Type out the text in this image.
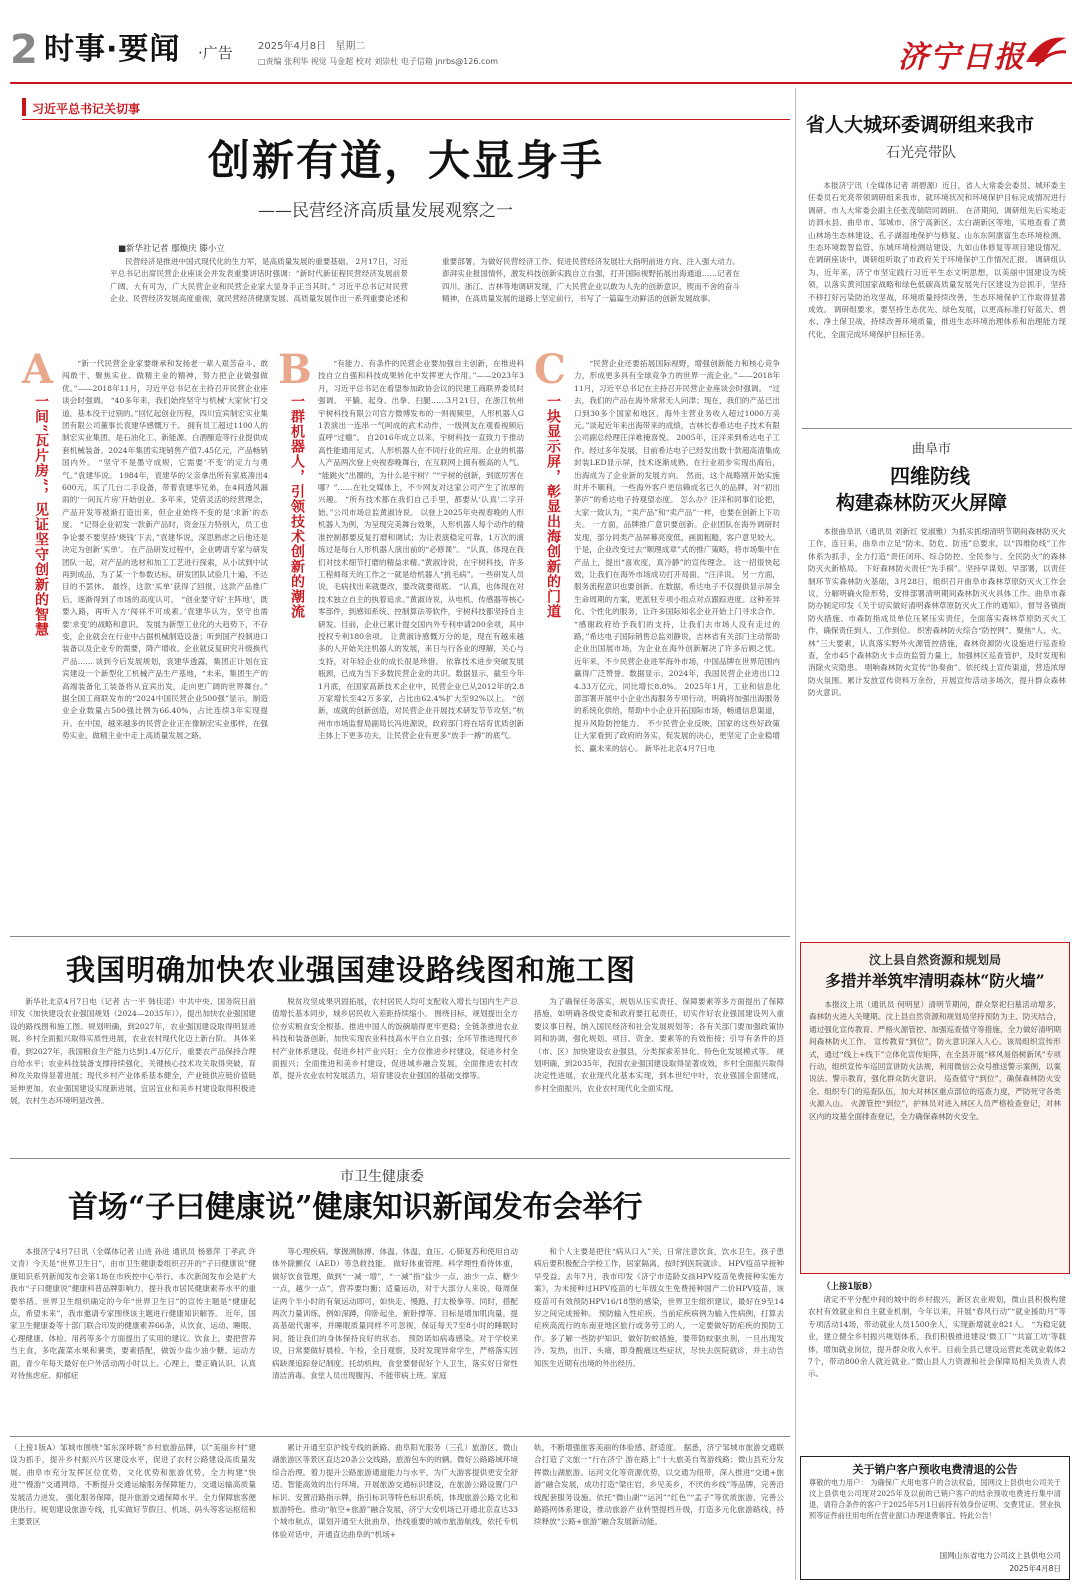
2 时事·要闻 ·广告	2025年4月8日 星期二
□责编 张利华 视觉 马金超 校对 刘崇杜 电子信箱 jnrbs@126.com	济宁日报
习近平总书记关切事
创新有道，大显身手
——民营经济高质量发展观察之一
■新华社记者 鄢焕庆 滕小立

民营经济是推进中国式现代化的生力军，是高质量发展的重要基础。 2月17日，习近平总书记出席民营企业座谈会并发表重要讲话时强调：“新时代新征程民营经济发展前景广阔、大有可为，广大民营企业和民营企业家大显身手正当其时。” 习近平总书记对民营企业、民营经济发展高度重视，就民营经济健康发展、高质量发展作出一系列重要论述和重要部署，为做好民营经济工作、促进民营经济发展壮大指明前进方向、注入强大动力。 澎湃实业报国情怀，激发科技创新实践自立自强，打开国际视野拓展出海通道……记者在四川、浙江、吉林等地调研发现，广大民营企业以敢为人先的创新意识，锲而不舍的奋斗精神，在高质量发展的道路上坚定前行，书写了一篇篇生动鲜活的创新发展故事。

A
一间“瓦片房”，见证坚守创新的智慧

“新一代民营企业家要继承和发扬老一辈人艰苦奋斗、敢闯敢干、聚焦实业、做精主业的精神，努力把企业做强做优。”——2018年11月，习近平总书记在主持召开民营企业座谈会时强调。 “40多年来，我们始终坚守与机械‘大家伙’打交道，基本没干过别的。”回忆起创业历程，四川宜宾制宏实业集团有限公司董事长袁建华感慨万千。 拥有员工超过1100人的制宏实业集团，是石油化工、新能源、白酒酿造等行业提供成套机械装备。2024年集团实现销售产值7.45亿元，产品畅销国内外。 “坚守不是墨守成规，它需要‘不变’的定力与勇气。”袁建华说。 1984年，袁建华的父亲拿出所有家底凑出4600元，买了几台二手设备，带着袁建华兄弟，在4间透风漏雨的‘一间瓦片房’开始创业。多年来，凭借灵活的经营理念，产品开发等被渐打造出来，但企业始终不变的是‘求新’的态度。 “记得企业初发一款新产品时，资金压力特别大，员工也争论要不要坚持‘烧钱’下去，”袁建华说，深思熟虑之后他还是决定为创新‘买单’。 在产品研发过程中，企业聘请专家与研发团队一起，对产品的选材和加工工艺进行探索，从小试到中试再到成品，为了某一个参数达标，研发团队试验几十遍，不达目的不罢休。 最终，这款‘买单’获得了回报，这款产品推广后，逐渐得到了市场的高度认可。 “创业要守好‘主阵地’，既要入路，再听入方‘闯祥不可成素。’袁建华认为，坚守也需要‘求变’的战略和意识。 发展为新型工业化的大趋势下，不存变，企业就会在行业中占据机械制造设备；听到国产投制进口装备以及企业专的需要，降产增收、企业就反复研究升级换代产品…… 谈到今后发展规划，袁建华透露，集团正计划在宜宾建设一个新型化工机械产品生产基地，“未来，集团生产的高端装备化工装备将从宜宾出发，走向更广阔的世界舞台。” 据全国工商联发布的“2024中国民营企业500强”显示，制造业企业数量占500强比例为66.40%，占比连续3年实现提升。在中国，越来越多的民营企业正在像制宏实业那样，在强势实业、做精主业中走上高质量发展之路。

B
一群机器人，引领技术创新的潮流

“有能力、有条件的民营企业要加强自主创新，在推进科技自立自强和科技成果转化中发挥更大作用。”——2023年3月，习近平总书记在看望参加政协会议的民建工商联界委员时强调。 平躺、起身、出拳、扫腿……3月21日，在浙江杭州宇树科技有限公司官方微博发布的一则视频里，人形机器人G1表演出一连串一气呵成的武术动作，一级网友在观看视频后直呼“过瘾”。 自2016年成立以来，宇树科技一直致力于推动高性能通用足式、人形机器人在不同行业的应用。企业的机器人产品两次登上央视春晚舞台，在互联网上拥有极高的人气。 “能跳火”出圈的，为什么是宇树？”“宇树的创新，到底厉害在哪？”……在社交媒体上，不少网友对这家公司产生了浓厚的兴趣。 “所有技术都在我们自己手里，都要从‘认真’二字开始。”公司市场总监黄淑诗说。 以登上2025年央视春晚的人形机器人为例，为呈现完美舞台效果，人形机器人每个动作的精准控制都要反复打磨和调试；为让表演稳定可靠，1万次的演练过是每台人形机器人演出前的“必修课”。 “认真，体现在我们对技术细节打磨的精益求精。”黄淑诗说，在宇树科技，许多工程师每天的工作之一就是给机器人“挑毛病”。一些研发人员说，毛病找出来就要改，要改就要彻底。 “认真，也体现在对技术独立自主的执着追求。”黄淑诗说，从电机、传感器等核心零部件，到感知系统、控制算法等软件，宇树科技都坚持自主研发。目前，企业已累计提交国内外专利申请200余项，其中授权专利180余项。 让黄淑诗感慨万分的是，现在有越来越多的人开始关注机器人的发展，来日与行各业的理解，关心与支持，对年轻企业的成长很是珍惜。 依靠技术进步突破发展瓶颈，已成为当下多数民营企业的共识。数据显示，截至今年1月底，在国家高新技术企业中，民营企业已从2012年的2.8万家增长至42万多家，占比由62.4%扩大至92%以上。 “创新，成就的创新创造，对民营企业开展技术研发节节攻坚。”杭州市市场监督局副局长冯进源说，政府部门将在培育优质创新主体上下更多功夫，让民营企业有更多“放手一搏”的底气。

C
一块显示屏，彰显出海创新的门道

“民营企业还要拓展国际视野，增强创新能力和核心竞争力，形成更多具有全球竞争力的世界一流企业。”——2018年11月，习近平总书记在主持召开民营企业座谈会时强调。 “过去，我们的产品在海外常常无人问津；现在，我们的产品已出口到30多个国家和地区，海外主营业务收入超过1000万美元。”谈起近年来出海带来的成绩，吉林长春希达电子技术有限公司副总经理汪洋难掩喜悦。 2005年，汪洋来到希达电子工作。经过多年发展，目前希达电子已经发出数十款超高清集成封装LED显示屏，技术逐渐成熟。在行业初步实现出海后，出海成为了企业新的发展方向。 然而，这个战略刚开始实施时并不顺利。一些海外客户更信赖成名已久的品牌，对“初出茅庐”的希达电子持观望态度。 怎么办？汪洋和同事们论把，大家一致认为，“卖产品”和“卖产品”一样，也要在创新上下功夫。 一方面，品牌推广意识要创新。企业团队在海外调研时发现，部分同类产品屏幕亮度低、画面粗糙，客户意见较大。于是，企业改变过去“顺理成章”式的推广策略，将市场集中在产品上，提出“喜欢度，真冷静”的宣传理念。 这一招很快起效，让我们在海外市场成功打开局面。“汪洋说。 另一方面，服务流程意识也要创新。在数据，希达电子不仅提供显示屏全生命周期的方案，更派驻专项小组点对点跟踪进度。这种差异化、个性化的服务，让许多国际知名企业开始上门寻求合作。 “感谢政府给予我们的支持，让我们去市场人没有走过的路，”希达电子国际销售总监刘静说，吉林省有关部门主动帮助企业出国展市场，为企业在海外创新解决了许多后顾之忧。 近年来，不少民营企业进军海外市场，中国品牌在世界范围内赢得广泛赞誉。数据显示，2024年，我国民营企业进出口24.33万亿元，同比增长8.8%。 2025年1月，工业和信息化部部署开展中小企业出海服务专项行动，明确将加强出海服务的系统化供给，帮助中小企业开拓国际市场，畅通信息渠道，提升风险防控能力。 不少民营企业反映，国家的这些好政策让大家看到了政府的务实，促发展的决心，更坚定了企业稳增长、赢未来的信心。 新华社北京4月7日电

我国明确加快农业强国建设路线图和施工图

新华社北京4月7日电（记者 古一平 韩佳诺）中共中央、国务院日前印发《加快建设农业强国规划（2024—2035年）》，提出加快农业强国建设的路线图和施工图。规划明确，到2027年，农业强国建设取得明显进展。乡村全面振兴取得实质性进展，农业农村现代化迈上新台阶。 具体来看，到2027年，我国粮食生产能力达到1.4万亿斤，重要农产品保持合理自给水平；农业科技装备支撑持续强化，关键核心技术攻关取得突破，育种攻关取得显著进展；现代乡村产业体系基本健全，产业链供应链价值链延伸更加，农业强国建设实现新进展，宜居宜业和美乡村建设取得积极进展，农村生态环境明显改善。

脱贫攻坚成果巩固拓展，农村居民人均可支配收入增长与国内生产总值增长基本同步，城乡居民收入差距持续缩小。 围绕目标，规划提出全方位夯实粮食安全根基、推进中国人的饭碗端得更牢更稳；全链条推进农业科技和装备创新，加快实现农业科技高水平自立自强；全环节推进现代乡村产业体系建设，促进乡村产业兴旺；全方位推进乡村建设，促进乡村全面振兴；全面推进和美乡村建设，促进城乡融合发展，全面推进农村改革，提升农业农村发展活力，培育建设农业强国的基础支撑等。

为了确保任务落实，规划从压实责任、保障要素等多方面提出了保障措施，如明确各级党委和政府要扛起责任，切实作好农业强国建设列入重要议事日程，纳入国民经济和社会发展规划等；各有关部门要加强政策协同和协调，强化规划、项目、资金、要素等的有效衔接；引导有条件的县（市、区）加快建设农业强县，分类探索差异化、特色化发展模式等。 规划明确，到2035年，我国农业强国建设取得显著成效，乡村全面振兴取得决定性进展，农业现代化基本实现，到本世纪中叶，农业强国全面建成，乡村全面振兴，农业农村现代化全面实现。

市卫生健康委
首场“子曰健康说”健康知识新闻发布会举行

本报济宁4月7日讯（全媒体记者 山进 孙进 通讯员 杨慕萍 丁孝武 许文青）今天是“世界卫生日”，由市卫生健康委组织召开的“子曰健康说”健康知识系列新闻发布会第1场在市疾控中心举行。本次新闻发布会是扩大我市“子曰健康说”健康科普品牌影响力，提升我市居民健康素养水平的重要举措。世界卫生组织确定的今年“世界卫生日”的宣传主题是“健康起点，希望未来”，我市邀请专家围绕该主题进行健康知识解答。 近年，国家卫生健康委等十部门联合印发的健康素养66条，从饮食、运动、睡眠、心理健康、体检、用药等多个方面提出了实用的建议。饮食上，要把营养当主食，多吃蔬菜水果和薯类，要素搭配，做饭少盐少油少糖。运动方面，青少年每天最好在户外活动两小时以上。心理上，要正确认识、认真对待焦虑症、抑郁症

等心理疾病。掌握测脉搏、体温、体温、血压、心肺复苏和使用自动体外除颤仪（AED）等急救技能。 做好体重管理。科学理性看待体重，做好饮食管理，做到“一减一增”，“一减”指“盐少一点、油少一点、糖少一点，越少一点”，营养要均衡；适量运动，对于大部分人来说，每周保证两个半小时的有氧运动即可，如快走、慢跑、打太极拳等。同时，搭配两次力量训练，例如深蹲，仰卧起坐、俯卧撑等。目标是增加肌肉量，提高基础代谢率，并睡眠质量同样不可忽视，保证每天7至8小时的睡眠时间，能让我们的身体保持良好的状态。 预防诺如病毒感染。对于学校来说，日常要做好晨检、午检，全日观察，及时发现异常学生，严格落实因病缺课追踪登记制度。托幼机构，食堂要督促好个人卫生，落实好日常性清洁消毒。食堂人员出现腹泻、不能带病上班。家庭

和个人主要是把住“病从口入”关，日常注意饮食，饮水卫生，孩子患病后要积极配合学校工作，居家隔离，按时到医院就诊。 HPV疫苗早接种早受益。去年7月，我市印发《济宁市适龄女孩HPV疫苗免费接种实施方案》，为未接种过HPV疫苗的七年级女生免费接种国产二价HPV疫苗，该疫苗可有效预防HPV16/18型的感染，世界卫生组织建议，最好在9至14岁之间完成接种。 预防输入性疟疾。当前疟疾病例为输入性病例，打算去疟疾高流行的东南亚地区旅行或务劳工的人，一定要做好防疟疾的预防工作。多了解一些防护知识，做好防蚊措施，要带防蚊驱虫剂，一旦出现发冷、发热，出汗、头痛，即身酸痛这些症状，尽快去医院就诊，并主动告知医生近期有出境的外出经历。

（上接1版A）邹城市围绕“邹东深呼吸”乡村旅游品牌，以“美丽乡村”建设为抓手，提升乡村振兴片区建设水平，促进了农村公路建设高质量发展。曲阜市充分发挥区位优势，文化优势和旅游优势，全力构建“快进”“慢游”交通网络，不断提升交通运输服务保障能力，交通运输高质量发展活力迸发。 强化服务保障，提升旅游交通保障水平。全力保障旅客便捷出行。规划建设旅游专线，扎实做好节假日、机场、码头等客运枢纽和主要景区

累计开通至京沪线专线的新路、曲阜阳光服务（三孔）旅游区、微山湖旅游区等景区直达20条公交线路，旅游包车的的辆。微好公路路域环境综合治理。着力提升公路旅游通道能力与水平，为广大游客提供更安全舒适、智能高效的出行环境。开展旅游交通标识建设，在旅游公路设置门户标识、安置沿路指示牌，指引标识等特色标识系统，体现旅游公路文化和旅游特色。推动“航空+旅游”融合发展，济宁大安机场已开通北京直达33个城市航点，谋划开通至大批曲阜，热线重要的城市旅游航线，依托专机体验对话中，开通直达曲阜的“机场+

轨，不断增强旅客美丽的体验感、舒适度。 据悉，济宁邹城市旅游交通联合打造了文旅一“行在济宁 游在路上”十大旅美自驾游线路；微山县充分发挥微山湖旅游、运河文化等资源优势，以交通为纽带，深入推进“交通+旅游”融合发展，成功打造“梁庄岩，乡见美乡，不厌的乡线”等品牌，完善沿线配套服务设施。依托“微山湖”“运河”“红色”“孟子”等优质旅游，完善公路路网体系建设，推动旅游产业转型提档升级，打造多元化旅游路线，持续释放“公路+旅游”融合发展新动能。

省人大城环委调研组来我市
石光亮带队

本报济宁讯（全媒体记者 胡碧源）近日，省人大常委会委员、城环委主任委员石光亮带领调研组来我市，就环境状况和环境保护目标完成情况进行调研。市人大常委会副主任张茂瑞陪同调研。 在济期间，调研组先后实地走访泗水县、曲阜市、邹城市、济宁高新区、太白湖新区等地，实地查看了黄山林场生态林建设、孔子湖湿地保护与修复、山东东阿康富生态环境检测、生态环境数智监管、东城环境检测站建设、九如山体修复等项目建设情况。在调研座谈中，调研组听取了市政府关于环境保护工作情况汇报。 调研组认为，近年来，济宁市坚定践行习近平生态文明思想，以美丽中国建设为统领，以落实黄河国家战略和绿色低碳高质量发展先行区建设为总抓手，坚持不移打好污染防治攻坚战，环境质量持续改善，生态环境保护工作取得显著成效。 调研组要求，要坚持生态优先、绿色发展，以更高标准打好蓝天、碧水、净土保卫战，持续改善环境质量，推进生态环境治理体系和治理能力现代化，全面完成环境保护目标任务。

曲阜市
四维防线
构建森林防灭火屏障

本报曲阜讯（通讯员 刘新红 党淑雅）为抓实抓细清明节期间森林防灭火工作，连日来，曲阜市立足“防未、防危、防违”总要求，以“四维防线”工作体系为抓手，全力打造“责任闭环、综合防控、全民参与、全民防火”的森林防灭火新格局。 下好森林防火责任“先手棋”。坚持早谋划、早部署，以责任制环节实森林防火基础，3月28日，组织召开曲阜市森林草原防灭火工作会议，分解明确火险形势，安排部署清明期间森林防灭火具体工作。曲阜市森防办制定印发《关于切实做好清明森林草原防灭火工作的通知》，督导各镇街防火措施、市森防指成员单位压紧压实责任，全面落实森林草原防灭火工作，确保责任到人、工作到位。 织密森林防火综合“防控网”。聚焦“人、火、林”三大要素，认真落实野外火源管控措施，森林资源防火设施进行巡查检查，全市45个森林防火卡点的监管力量上，加强林区巡查管护，及时发现和消除火灾隐患。 唱响森林防火宣传“协奏曲”。依托线上宣传渠道，营造浓厚防火氛围。累计发放宣传资料万余份，开展宣传活动多场次，提升群众森林防火意识。

汶上县自然资源和规划局
多措并举筑牢清明森林“防火墙”

本报汶上讯（通讯员 何明星）清明节期间，群众祭祀扫墓活动增多，森林防火进入关键期。汶上县自然资源和规划局坚持预防为主、防灭结合，通过强化宣传教育、严格火源管控、加强巡查值守等措施，全力做好清明期间森林防火工作。 宣传教育“到位”，防火意识深入人心。该局组织宣传形式，通过“线上+线下”立体化宣传矩阵，在全县开展“移风易俗树新风”专项行动，组织宣传车巡回宣讲防火法规，利用微信公众号推送警示案例，以案说法、警示教育，强化群众防火意识。 巡查值守“到位”，确保森林防火安全。组织专门的巡查队伍，加大对林区重点部位的巡查力度，严防死守各类火源入山。 火源管控“到位”，护林员对进入林区人员严格检查登记，对林区内的坟墓全面排查登记，全力确保森林防火安全。

（上接1版B）

诸定不平分配中间的城中的乡村振兴，新区农业规划，微山县积极构建农村有效就业和自主就业机制，今年以来，开展“春风行动”“就业援助月”等专项活动14场，带动就业人员1500余人，实现新增就业821人。 “为稳定就业，建立健全乡村振兴规划体系，我们积极推进建设‘微工厂’‘共富工坊’等载体，增加就业岗位，提升群众收入水平。目前全县已建设运营此类就业载体27个，带动800余人就近就业。”微山县人力资源和社会保障局相关负责人表示。

关于销户客户预收电费清退的公告

尊敬的电力用户： 为确保广大用电客户的合法权益，国网汶上县供电公司关于汶上县供电公司现对2025年及以前的已销户客户的结余预收电费进行集中清退，请符合条件的客户于2025年5月1日前持有效身份证明、交费凭证、营业执照等证件前往用电所在营业窗口办理退费事宜。特此公告！

国网山东省电力公司汶上县供电公司
2025年4月8日
